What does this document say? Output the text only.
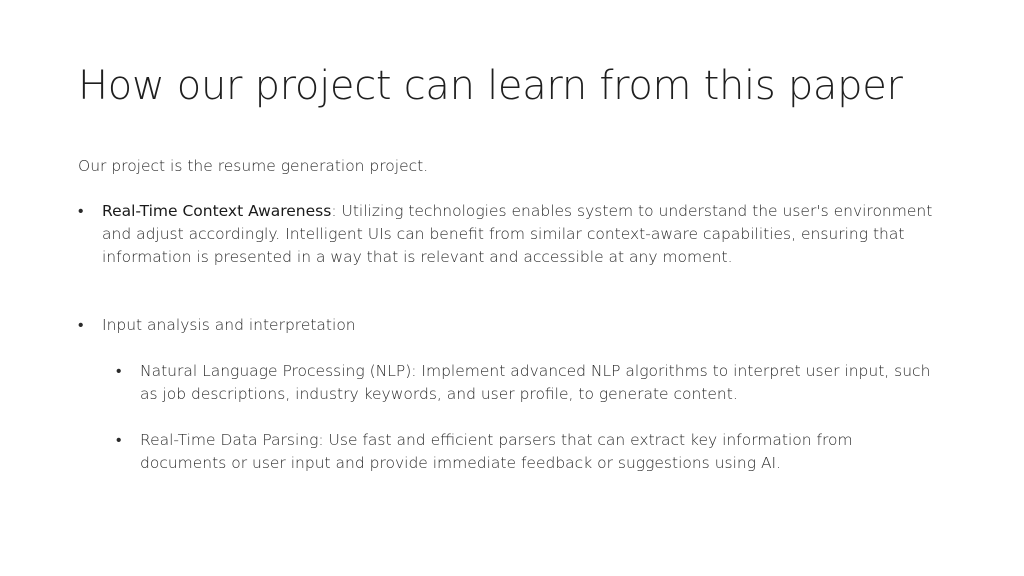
How our project can learn from this paper

Our project is the resume generation project.

•	Real-Time Context Awareness: Utilizing technologies enables system to understand the user's environment and adjust accordingly. Intelligent UIs can benefit from similar context-aware capabilities, ensuring that information is presented in a way that is relevant and accessible at any moment.
•	Input analysis and interpretation
•	Natural Language Processing (NLP): Implement advanced NLP algorithms to interpret user input, such as job descriptions, industry keywords, and user profile, to generate content.
•	Real-Time Data Parsing: Use fast and efficient parsers that can extract key information from documents or user input and provide immediate feedback or suggestions using AI.
